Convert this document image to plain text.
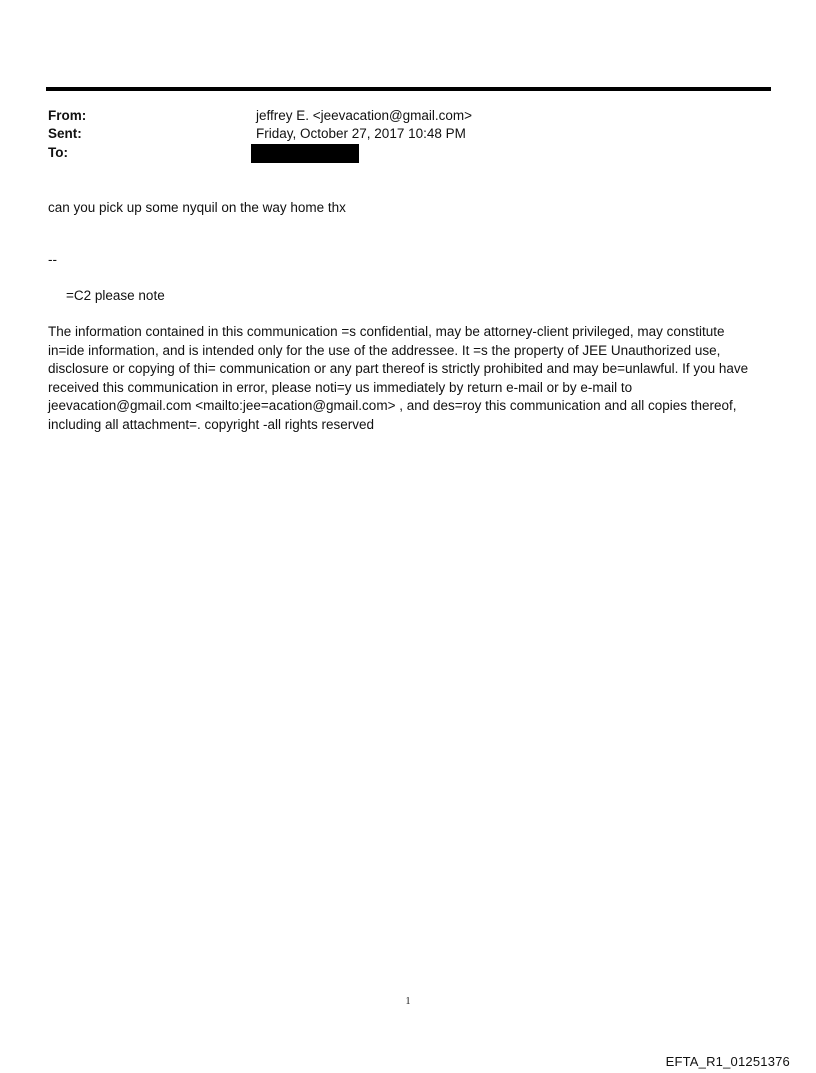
From:	jeffrey E. <jeevacation@gmail.com>
Sent:	Friday, October 27, 2017 10:48 PM
To:
can you pick up some nyquil on the way home thx
--
=C2 please note
The information contained in this communication =s confidential, may be attorney-client privileged, may constitute
in=ide information, and is intended only for the use of the addressee. It =s the property of JEE Unauthorized use,
disclosure or copying of thi= communication or any part thereof is strictly prohibited and may be=unlawful. If you have
received this communication in error, please noti=y us immediately by return e-mail or by e-mail to
jeevacation@gmail.com <mailto:jee=acation@gmail.com> , and des=roy this communication and all copies thereof,
including all attachment=. copyright -all rights reserved
1
EFTA_R1_01251376
